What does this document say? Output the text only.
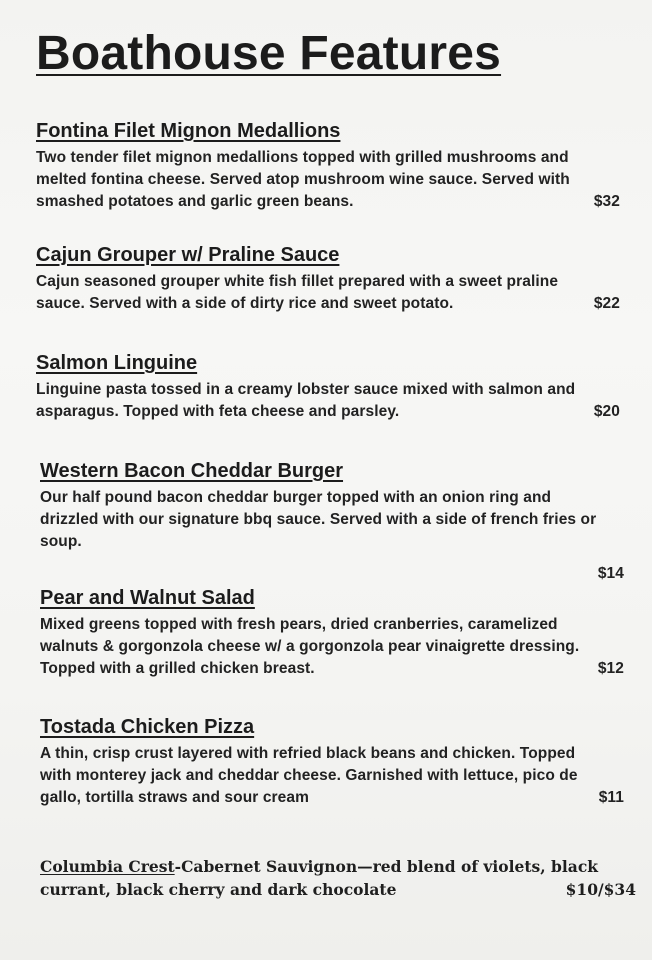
Boathouse Features
Fontina Filet Mignon Medallions
Two tender filet mignon medallions topped with grilled mushrooms and
melted fontina cheese. Served atop mushroom wine sauce. Served with
smashed potatoes and garlic green beans.	$32
Cajun Grouper w/ Praline Sauce
Cajun seasoned grouper white fish fillet prepared with a sweet praline
sauce. Served with a side of dirty rice and sweet potato.	$22
Salmon Linguine
Linguine pasta tossed in a creamy lobster sauce mixed with salmon and
asparagus. Topped with feta cheese and parsley.	$20
Western Bacon Cheddar Burger
Our half pound bacon cheddar burger topped with an onion ring and
drizzled with our signature bbq sauce. Served with a side of french fries or
soup.
$14
Pear and Walnut Salad
Mixed greens topped with fresh pears, dried cranberries, caramelized
walnuts & gorgonzola cheese w/ a gorgonzola pear vinaigrette dressing.
Topped with a grilled chicken breast.	$12
Tostada Chicken Pizza
A thin, crisp crust layered with refried black beans and chicken. Topped
with monterey jack and cheddar cheese. Garnished with lettuce, pico de
gallo, tortilla straws and sour cream	$11
Columbia Crest-Cabernet Sauvignon—red blend of violets, black
currant, black cherry and dark chocolate	$10/$34
